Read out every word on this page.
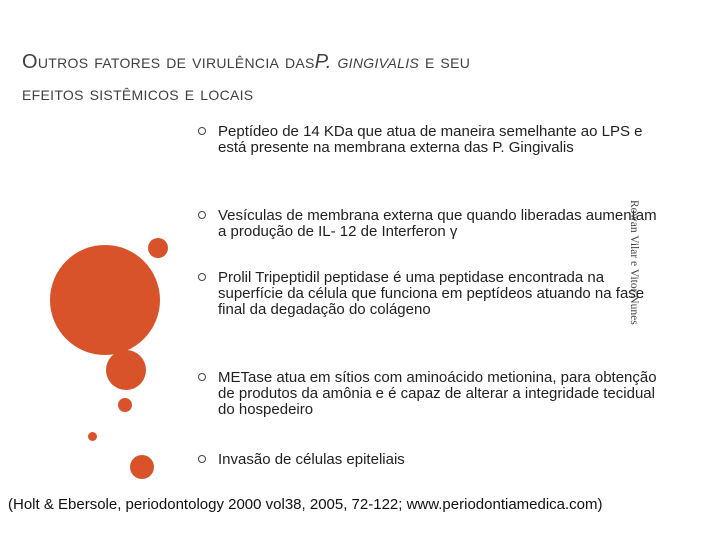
Outros fatores de virulência dasP. gingivalis e seu
efeitos sistêmicos e locais
Peptídeo de 14 KDa que atua de maneira semelhante ao LPS e está presente na membrana externa das P. Gingivalis
Vesículas de membrana externa que quando liberadas aumentam a produção de IL- 12 de Interferon γ
Prolil Tripeptidil peptidase é uma peptidase encontrada na superfície da célula que funciona em peptídeos atuando na fase final da degadação do colágeno
METase atua em sítios com aminoácido metionina, para obtenção de produtos da amônia e é capaz de alterar a integridade tecidual do hospedeiro
Invasão de células epiteliais
Rowan Vilar e Vitor Nunes
(Holt & Ebersole, periodontology 2000 vol38, 2005, 72-122; www.periodontiamedica.com)
